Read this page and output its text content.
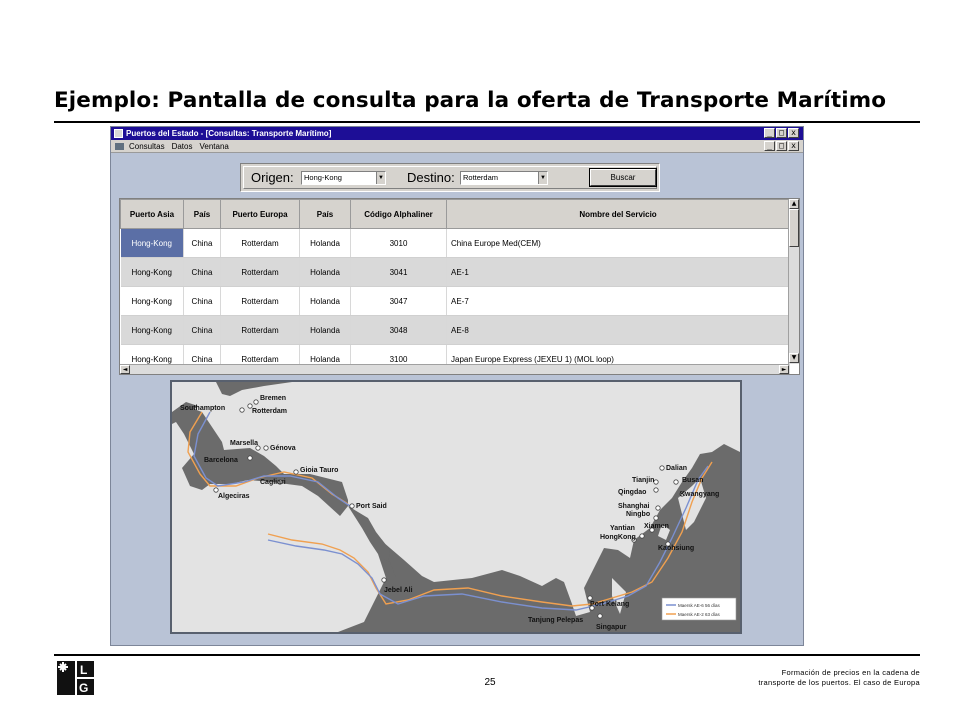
Ejemplo: Pantalla de consulta para la oferta de Transporte Marítimo
Puertos del Estado - [Consultas: Transporte Marítimo]	_ □ x
Consultas Datos Ventana	_ □ x
Origen:	Hong-Kong	▼ Destino:	Rotterdam	▼	Buscar
Puerto Asia	País	Puerto Europa	País	Código Alphaliner	Nombre del Servicio
Hong-Kong	China	Rotterdam	Holanda	3010	China Europe Med(CEM)
Hong-Kong	China	Rotterdam	Holanda	3041	AE-1
Hong-Kong	China	Rotterdam	Holanda	3047	AE-7
Hong-Kong	China	Rotterdam	Holanda	3048	AE-8
Hong-Kong	China	Rotterdam	Holanda	3100	Japan Europe Express (JEXEU 1) (MOL loop)
▲
▼
◄	►
Bremen
Southampton	Rotterdam
Marsella
Génova
Barcelona
Gioia Tauro
Cagliari
Algeciras
Port Said
Jebel Ali
Port Kelang
Tanjung Pelepas
Singapur
Dalian
Tianjin	Busan
Qingdao	Kwangyang
Shanghai
Ningbo
Yantian Xiamen
HongKong
Kaohsiung
Maersk AE-6 56 días
Maersk AE-2 63 días
L
G	25
Formación de precios en la cadena de
transporte de los puertos. El caso de Europa
